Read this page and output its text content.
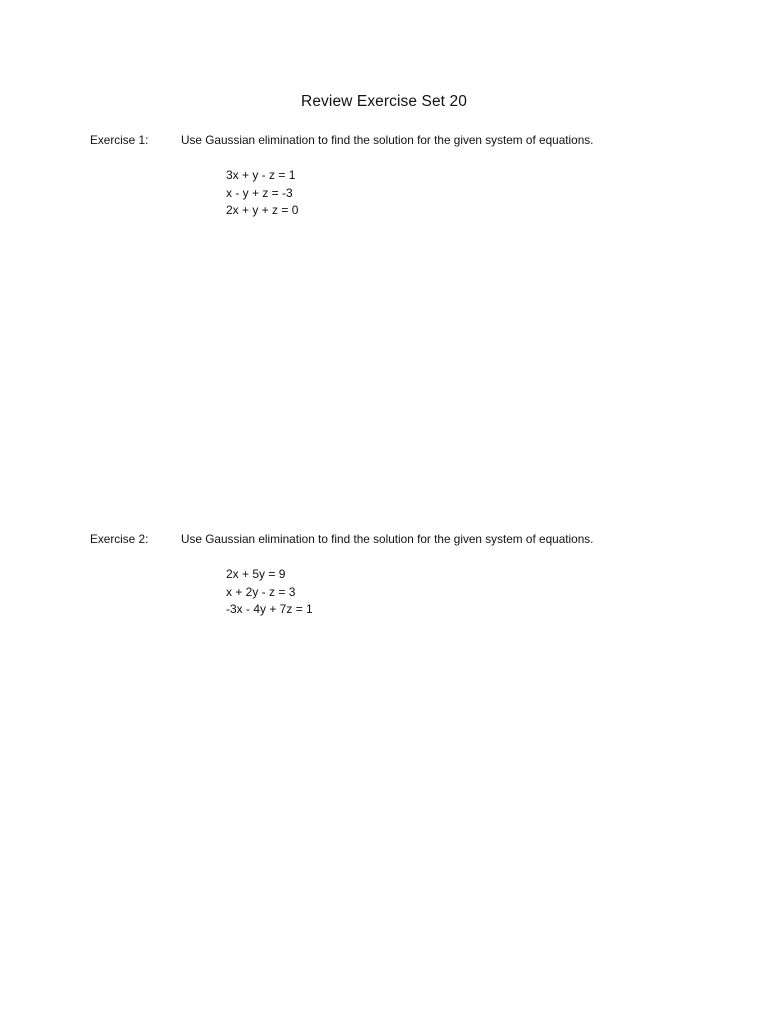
Review Exercise Set 20
Exercise 1:	Use Gaussian elimination to find the solution for the given system of equations.
3x + y - z = 1
x - y + z = -3
2x + y + z = 0
Exercise 2:	Use Gaussian elimination to find the solution for the given system of equations.
2x + 5y = 9
x + 2y - z = 3
-3x - 4y + 7z = 1
